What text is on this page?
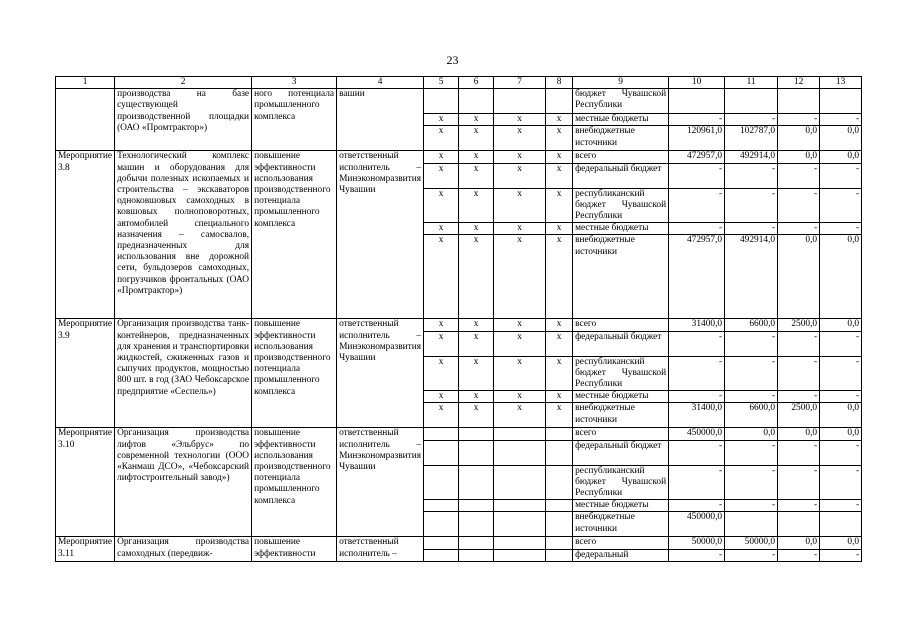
23
1	2	3	4	5	6	7	8	9	10	11	12	13
	производства на базе существующей производственной площадки (ОАО «Промтрактор»)	ного потенциала промышленного комплекса	вашии					бюджет Чувашской Республики				
				х	х	х	х	местные бюджеты	-	-	-	-
				х	х	х	х	внебюджетные источники	120961,0	102787,0	0,0	0,0
Мероприятие 3.8	Технологический комплекс машин и оборудования для добычи полезных ископаемых и строительства – экскаваторов одноковшовых самоходных в ковшовых полноповоротных, автомобилей специального назначения – самосвалов, предназначенных для использования вне дорожной сети, бульдозеров самоходных, погрузчиков фронтальных (ОАО «Промтрактор»)	повышение эффективности использования производственного потенциала промышленного комплекса	ответственный исполнитель – Минэкономразвития Чувашии	х	х	х	х	всего	472957,0	492914,0	0,0	0,0
				х	х	х	х	федеральный бюджет	-	-	-	-
				х	х	х	х	республиканский бюджет Чувашской Республики	-	-	-	-
				х	х	х	х	местные бюджеты	-	-	-	-
				х	х	х	х	внебюджетные источники	472957,0	492914,0	0,0	0,0
Мероприятие 3.9	Организация производства танк-контейнеров, предназначенных для хранения и транспортировки жидкостей, сжиженных газов и сыпучих продуктов, мощностью 800 шт. в год (ЗАО Чебоксарское предприятие «Сеспель»)	повышение эффективности использования производственного потенциала промышленного комплекса	ответственный исполнитель – Минэкономразвития Чувашии	х	х	х	х	всего	31400,0	6600,0	2500,0	0,0
				х	х	х	х	федеральный бюджет	-	-	-	-
				х	х	х	х	республиканский бюджет Чувашской Республики	-	-	-	-
				х	х	х	х	местные бюджеты	-	-	-	-
				х	х	х	х	внебюджетные источники	31400,0	6600,0	2500,0	0,0
Мероприятие 3.10	Организация производства лифтов «Эльбрус» по современной технологии (ООО «Канмаш ДСО», «Чебоксарский лифтостроительный завод»)	повышение эффективности использования производственного потенциала промышленного комплекса	ответственный исполнитель – Минэкономразвития Чувашии					всего	450000,0	0,0	0,0	0,0
								федеральный бюджет	-	-	-	-
								республиканский бюджет Чувашской Республики	-	-	-	-
								местные бюджеты	-	-	-	-
								внебюджетные источники	450000,0			
Мероприятие 3.11	Организация производства самоходных (передвиж-	повышение эффективности	ответственный исполнитель –					всего	50000,0	50000,0	0,0	0,0
								федеральный	-	-	-	-
